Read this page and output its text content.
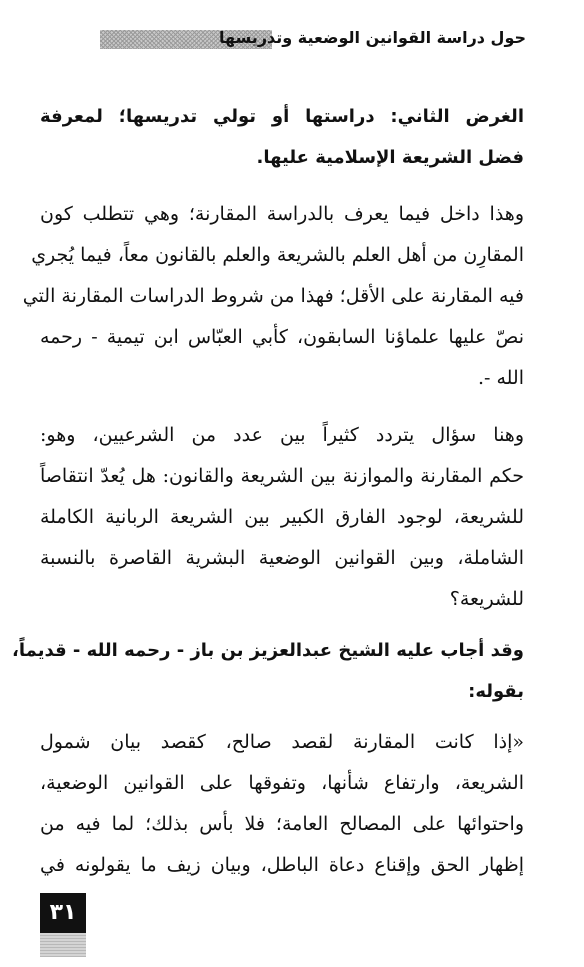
حول دراسة القوانين الوضعية وتدريسها
الغرض الثاني: دراستها أو تولي تدريسها؛ لمعرفة
فضل الشريعة الإسلامية عليها.
وهذا داخل فيما يعرف بالدراسة المقارنة؛ وهي تتطلب كون
المقارِن من أهل العلم بالشريعة والعلم بالقانون معاً، فيما يُجري
فيه المقارنة على الأقل؛ فهذا من شروط الدراسات المقارنة التي
نصّ عليها علماؤنا السابقون، كأبي العبّاس ابن تيمية - رحمه
الله -.
وهنا سؤال يتردد كثيراً بين عدد من الشرعيين، وهو:
حكم المقارنة والموازنة بين الشريعة والقانون: هل يُعدّ انتقاصاً
للشريعة، لوجود الفارق الكبير بين الشريعة الربانية الكاملة
الشاملة، وبين القوانين الوضعية البشرية القاصرة بالنسبة
للشريعة؟
وقد أجاب عليه الشيخ عبدالعزيز بن باز - رحمه الله - قديماً،
بقوله:
«إذا كانت المقارنة لقصد صالح، كقصد بيان شمول
الشريعة، وارتفاع شأنها، وتفوقها على القوانين الوضعية،
واحتوائها على المصالح العامة؛ فلا بأس بذلك؛ لما فيه من
إظهار الحق وإقناع دعاة الباطل، وبيان زيف ما يقولونه في
٣١
